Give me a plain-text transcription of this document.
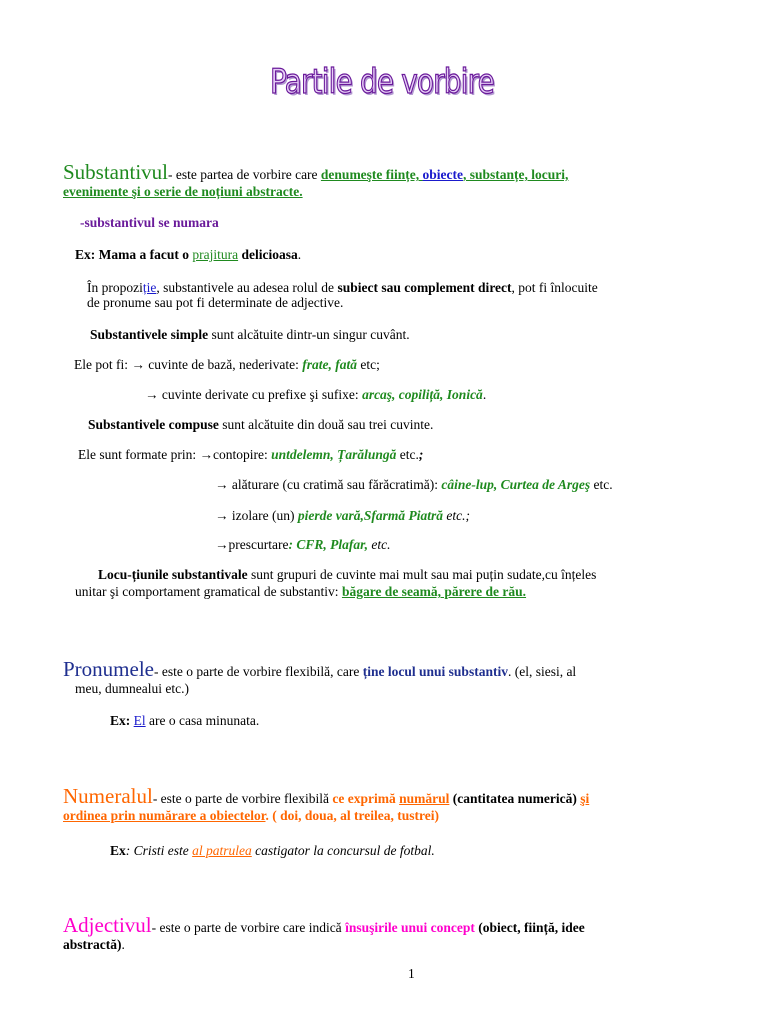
Partile de vorbire
Substantivul- este partea de vorbire care denumeşte ființe, obiecte, substanțe, locuri,
evenimente şi o serie de noțiuni abstracte.
-substantivul se numara
Ex: Mama a facut o prajitura delicioasa.
În propoziție, substantivele au adesea rolul de subiect sau complement direct, pot fi înlocuite
de pronume sau pot fi determinate de adjective.
Substantivele simple sunt alcătuite dintr-un singur cuvânt.
Ele pot fi: → cuvinte de bază, nederivate: frate, fată etc;
→ cuvinte derivate cu prefixe şi sufixe: arcaş, copiliță, Ionică.
Substantivele compuse sunt alcătuite din două sau trei cuvinte.
Ele sunt formate prin: →contopire: untdelemn, Țarălungă etc.;
→ alăturare (cu cratimă sau fărăcratimă): câine-lup, Curtea de Argeş etc.
→ izolare (un) pierde vară,Sfarmă Piatră etc.;
→prescurtare: CFR, Plafar, etc.
Locu-țiunile substantivale sunt grupuri de cuvinte mai mult sau mai puțin sudate,cu înțeles
unitar şi comportament gramatical de substantiv: băgare de seamă, părere de rău.
Pronumele- este o parte de vorbire flexibilă, care ține locul unui substantiv. (el, siesi, al
meu, dumnealui etc.)
Ex: El are o casa minunata.
Numeralul- este o parte de vorbire flexibilă ce exprimă numărul (cantitatea numerică) şi
ordinea prin numărare a obiectelor. ( doi, doua, al treilea, tustrei)
Ex: Cristi este al patrulea castigator la concursul de fotbal.
Adjectivul- este o parte de vorbire care indică însuşirile unui concept (obiect, ființă, idee
abstractă).
1
